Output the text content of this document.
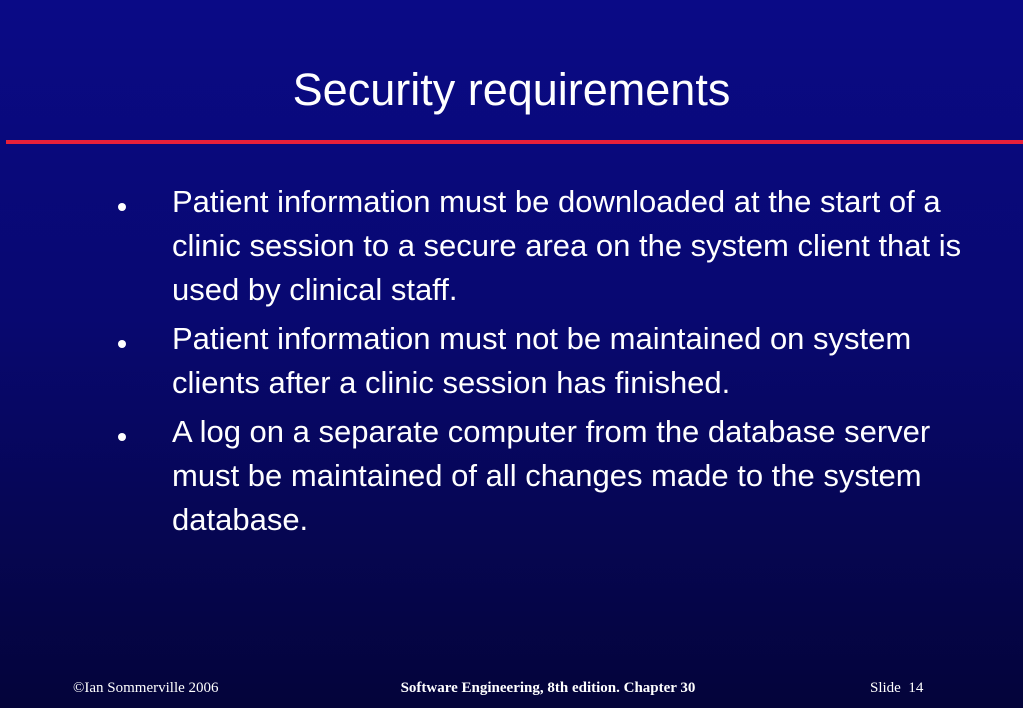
Security requirements
Patient information must be downloaded at the start of a clinic session to a secure area on the system client that is used by clinical staff.
Patient information must not be maintained on system clients after a clinic session has finished.
A log on a separate computer from the database server must be maintained of all changes made to the system database.
©Ian Sommerville 2006	Software Engineering, 8th edition. Chapter 30	Slide  14
